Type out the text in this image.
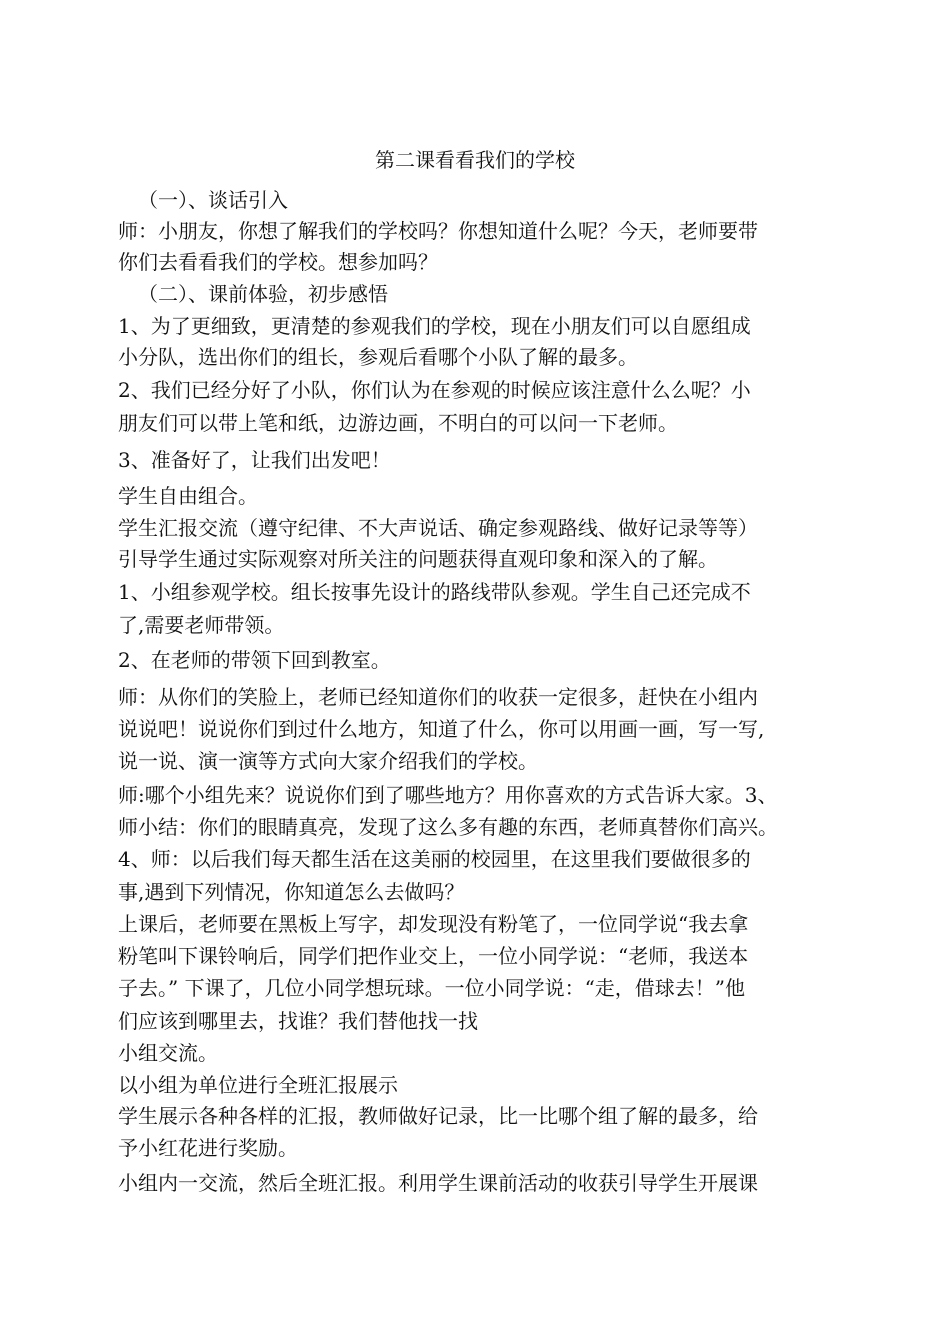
第二课看看我们的学校
（一）、谈话引入
师：小朋友，你想了解我们的学校吗？你想知道什么呢？今天，老师要带
你们去看看我们的学校。想参加吗？
（二）、课前体验，初步感悟
1、为了更细致，更清楚的参观我们的学校，现在小朋友们可以自愿组成
小分队，选出你们的组长，参观后看哪个小队了解的最多。
2、我们已经分好了小队，你们认为在参观的时候应该注意什么么呢？小
朋友们可以带上笔和纸，边游边画，不明白的可以问一下老师。
3、准备好了，让我们出发吧！
学生自由组合。
学生汇报交流（遵守纪律、不大声说话、确定参观路线、做好记录等等）
引导学生通过实际观察对所关注的问题获得直观印象和深入的了解。
1、小组参观学校。组长按事先设计的路线带队参观。学生自己还完成不
了,需要老师带领。
2、在老师的带领下回到教室。
师：从你们的笑脸上，老师已经知道你们的收获一定很多，赶快在小组内
说说吧！说说你们到过什么地方，知道了什么，你可以用画一画，写一写,
说一说、演一演等方式向大家介绍我们的学校。
师:哪个小组先来？说说你们到了哪些地方？用你喜欢的方式告诉大家。3、
师小结：你们的眼睛真亮，发现了这么多有趣的东西，老师真替你们高兴。
4、师：以后我们每天都生活在这美丽的校园里，在这里我们要做很多的
事,遇到下列情况，你知道怎么去做吗？
上课后，老师要在黑板上写字，却发现没有粉笔了，一位同学说“我去拿
粉笔叫下课铃响后，同学们把作业交上，一位小同学说：“老师，我送本
子去。” 下课了，几位小同学想玩球。一位小同学说：“走，借球去！”他
们应该到哪里去，找谁？我们替他找一找
小组交流。
以小组为单位进行全班汇报展示
学生展示各种各样的汇报，教师做好记录，比一比哪个组了解的最多，给
予小红花进行奖励。
小组内一交流，然后全班汇报。利用学生课前活动的收获引导学生开展课
